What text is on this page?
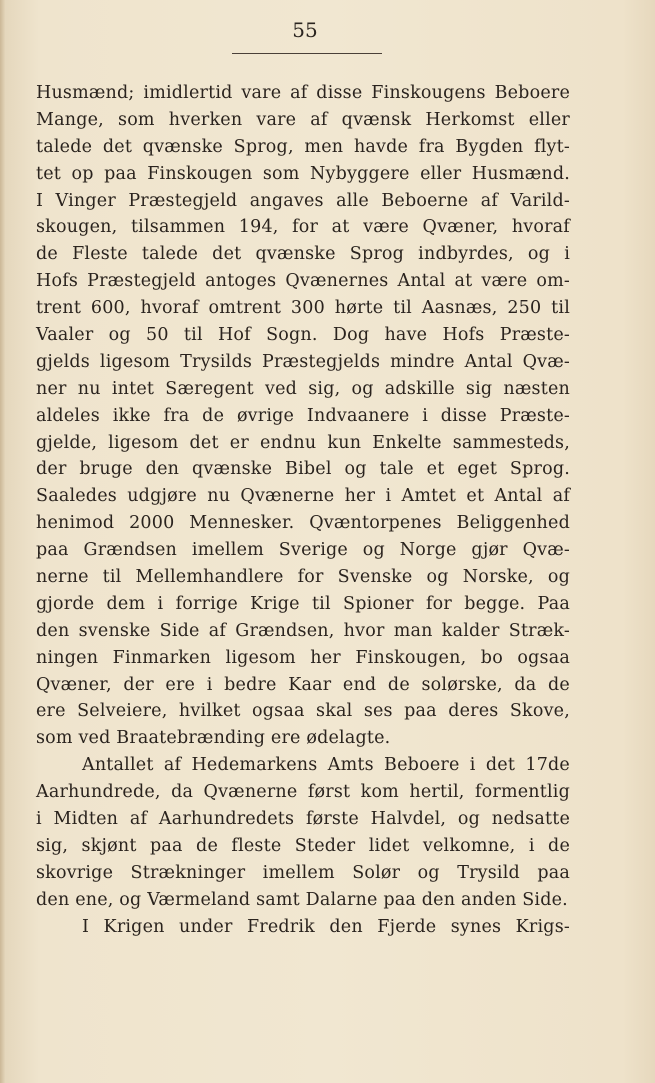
55
Husmænd; imidlertid vare af disse Finskougens Beboere
Mange, som hverken vare af qvænsk Herkomst eller
talede det qvænske Sprog, men havde fra Bygden flyt-
tet op paa Finskougen som Nybyggere eller Husmænd.
I Vinger Præstegjeld angaves alle Beboerne af Varild-
skougen, tilsammen 194, for at være Qvæner, hvoraf
de Fleste talede det qvænske Sprog indbyrdes, og i
Hofs Præstegjeld antoges Qvænernes Antal at være om-
trent 600, hvoraf omtrent 300 hørte til Aasnæs, 250 til
Vaaler og 50 til Hof Sogn. Dog have Hofs Præste-
gjelds ligesom Trysilds Præstegjelds mindre Antal Qvæ-
ner nu intet Særegent ved sig, og adskille sig næsten
aldeles ikke fra de øvrige Indvaanere i disse Præste-
gjelde, ligesom det er endnu kun Enkelte sammesteds,
der bruge den qvænske Bibel og tale et eget Sprog.
Saaledes udgjøre nu Qvænerne her i Amtet et Antal af
henimod 2000 Mennesker. Qvæntorpenes Beliggenhed
paa Grændsen imellem Sverige og Norge gjør Qvæ-
nerne til Mellemhandlere for Svenske og Norske, og
gjorde dem i forrige Krige til Spioner for begge. Paa
den svenske Side af Grændsen, hvor man kalder Stræk-
ningen Finmarken ligesom her Finskougen, bo ogsaa
Qvæner, der ere i bedre Kaar end de solørske, da de
ere Selveiere, hvilket ogsaa skal ses paa deres Skove,
som ved Braatebrænding ere ødelagte.
Antallet af Hedemarkens Amts Beboere i det 17de
Aarhundrede, da Qvænerne først kom hertil, formentlig
i Midten af Aarhundredets første Halvdel, og nedsatte
sig, skjønt paa de fleste Steder lidet velkomne, i de
skovrige Strækninger imellem Solør og Trysild paa
den ene, og Værmeland samt Dalarne paa den anden Side.
I Krigen under Fredrik den Fjerde synes Krigs-
